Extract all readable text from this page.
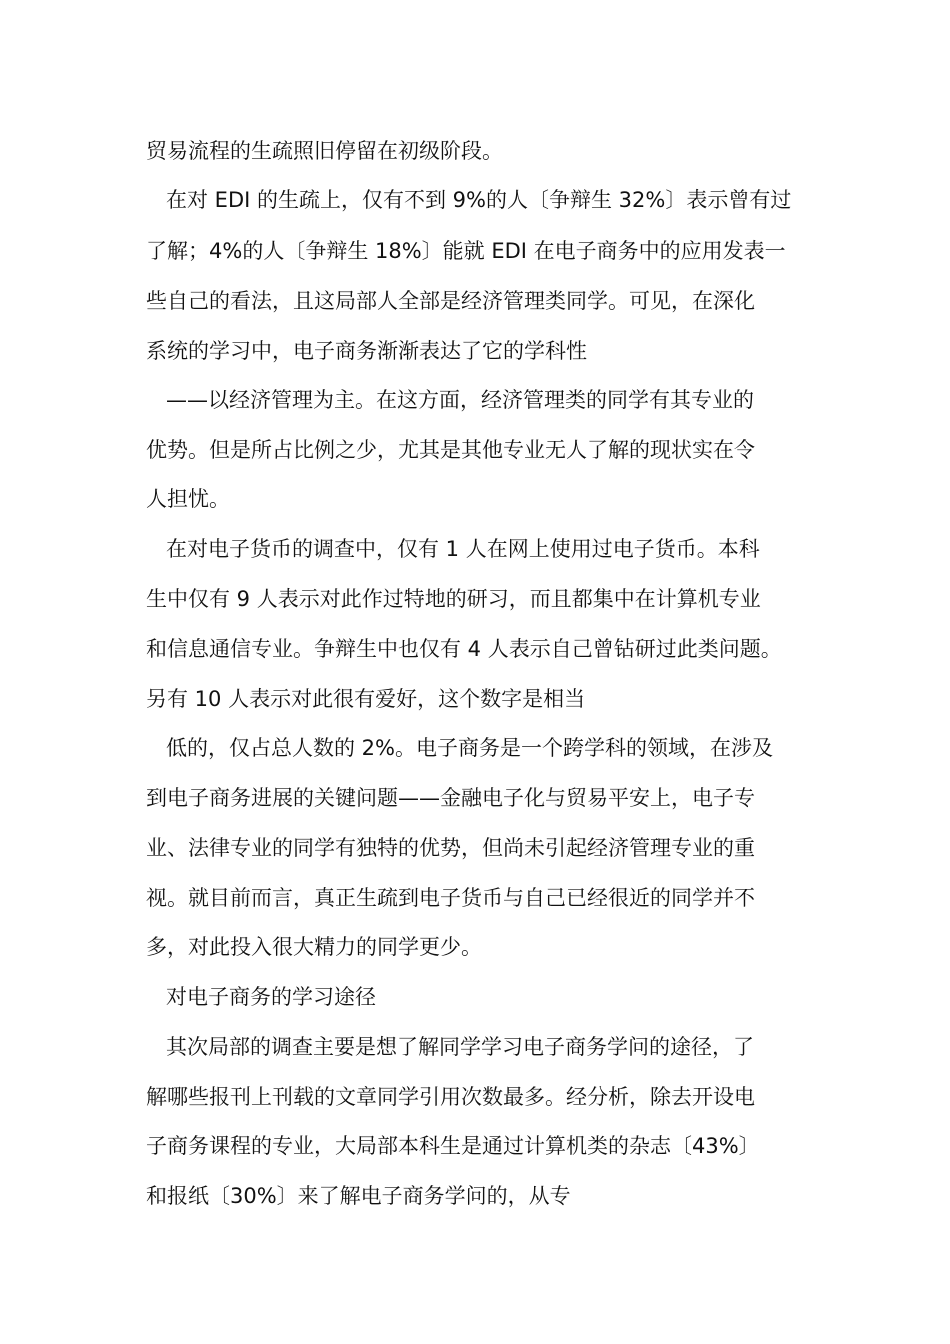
贸易流程的生疏照旧停留在初级阶段。
在对 EDI 的生疏上，仅有不到 9%的人〔争辩生 32%〕表示曾有过
了解；4%的人〔争辩生 18%〕能就 EDI 在电子商务中的应用发表一
些自己的看法，且这局部人全部是经济管理类同学。可见，在深化
系统的学习中，电子商务渐渐表达了它的学科性
——以经济管理为主。在这方面，经济管理类的同学有其专业的
优势。但是所占比例之少，尤其是其他专业无人了解的现状实在令
人担忧。
在对电子货币的调查中，仅有 1 人在网上使用过电子货币。本科
生中仅有 9 人表示对此作过特地的研习，而且都集中在计算机专业
和信息通信专业。争辩生中也仅有 4 人表示自己曾钻研过此类问题。
另有 10 人表示对此很有爱好，这个数字是相当
低的，仅占总人数的 2%。电子商务是一个跨学科的领域，在涉及
到电子商务进展的关键问题——金融电子化与贸易平安上，电子专
业、法律专业的同学有独特的优势，但尚未引起经济管理专业的重
视。就目前而言，真正生疏到电子货币与自己已经很近的同学并不
多，对此投入很大精力的同学更少。
对电子商务的学习途径
其次局部的调查主要是想了解同学学习电子商务学问的途径，了
解哪些报刊上刊载的文章同学引用次数最多。经分析，除去开设电
子商务课程的专业，大局部本科生是通过计算机类的杂志〔43%〕
和报纸〔30%〕来了解电子商务学问的，从专
